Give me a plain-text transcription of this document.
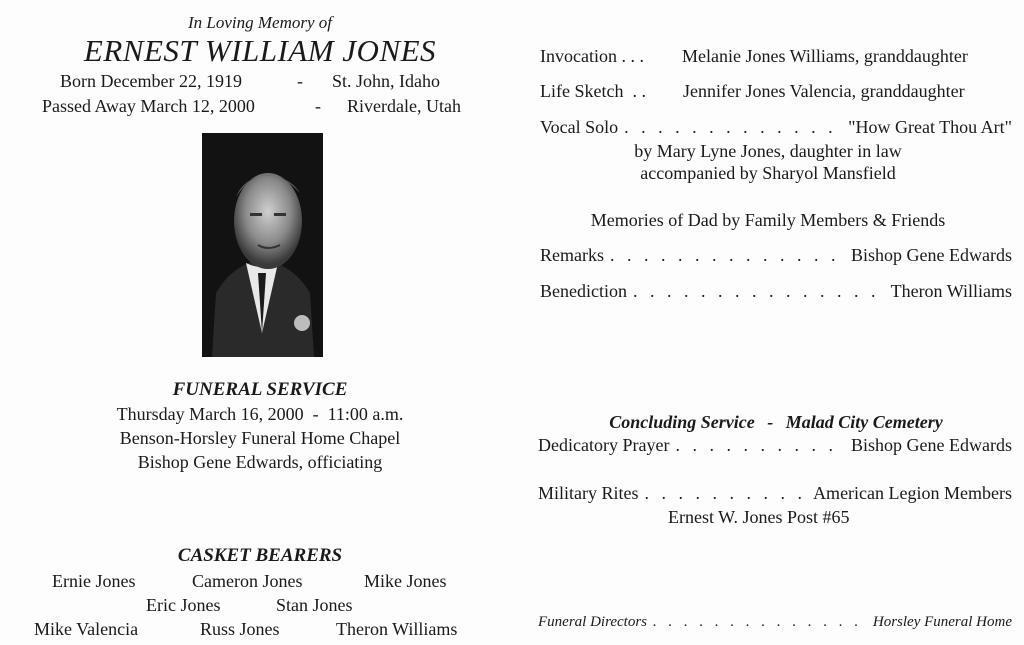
In Loving Memory of
ERNEST WILLIAM JONES
Born December 22, 1919	- St. John, Idaho
Passed Away March 12, 2000	- Riverdale, Utah
FUNERAL SERVICE
Thursday March 16, 2000  -  11:00 a.m.
Benson-Horsley Funeral Home Chapel
Bishop Gene Edwards, officiating
CASKET BEARERS
Ernie Jones	Cameron Jones	Mike Jones
Eric Jones	Stan Jones
Mike Valencia	Russ Jones	Theron Williams
Invocation . . . Melanie Jones Williams, granddaughter
Life Sketch  . . Jennifer Jones Valencia, granddaughter
Vocal Solo . . .	"How Great Thou Art"
by Mary Lyne Jones, daughter in law
accompanied by Sharyol Mansfield
Memories of Dad by Family Members & Friends
Remarks . . .	Bishop Gene Edwards
Benediction . . .	Theron Williams
Concluding Service - Malad City Cemetery
Dedicatory Prayer . . .	Bishop Gene Edwards
Military Rites . . .	American Legion Members
Ernest W. Jones Post #65
Funeral Directors . . .	Horsley Funeral Home
